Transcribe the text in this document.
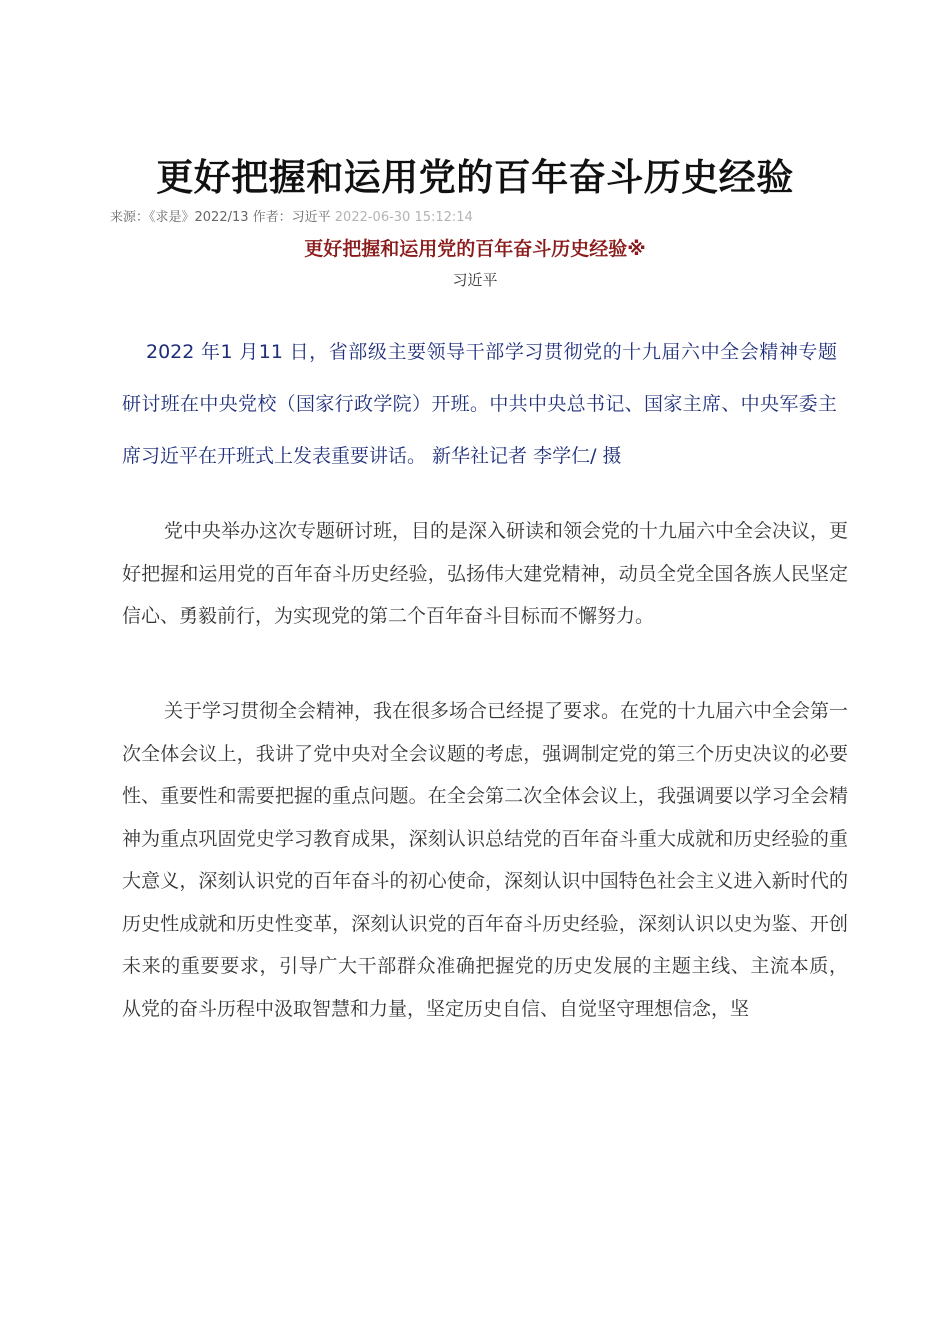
更好把握和运用党的百年奋斗历史经验
来源：《求是》2022/13 作者：习近平 2022-06-30 15:12:14
更好把握和运用党的百年奋斗历史经验※
习近平

2022 年1 月11 日，省部级主要领导干部学习贯彻党的十九届六中全会精神专题研讨班在中央党校（国家行政学院）开班。中共中央总书记、国家主席、中央军委主席习近平在开班式上发表重要讲话。 新华社记者 李学仁/ 摄

党中央举办这次专题研讨班，目的是深入研读和领会党的十九届六中全会决议，更好把握和运用党的百年奋斗历史经验，弘扬伟大建党精神，动员全党全国各族人民坚定信心、勇毅前行，为实现党的第二个百年奋斗目标而不懈努力。

关于学习贯彻全会精神，我在很多场合已经提了要求。在党的十九届六中全会第一次全体会议上，我讲了党中央对全会议题的考虑，强调制定党的第三个历史决议的必要性、重要性和需要把握的重点问题。在全会第二次全体会议上，我强调要以学习全会精神为重点巩固党史学习教育成果，深刻认识总结党的百年奋斗重大成就和历史经验的重大意义，深刻认识党的百年奋斗的初心使命，深刻认识中国特色社会主义进入新时代的历史性成就和历史性变革，深刻认识党的百年奋斗历史经验，深刻认识以史为鉴、开创未来的重要要求，引导广大干部群众准确把握党的历史发展的主题主线、主流本质， 从党的奋斗历程中汲取智慧和力量，坚定历史自信、自觉坚守理想信念，坚
